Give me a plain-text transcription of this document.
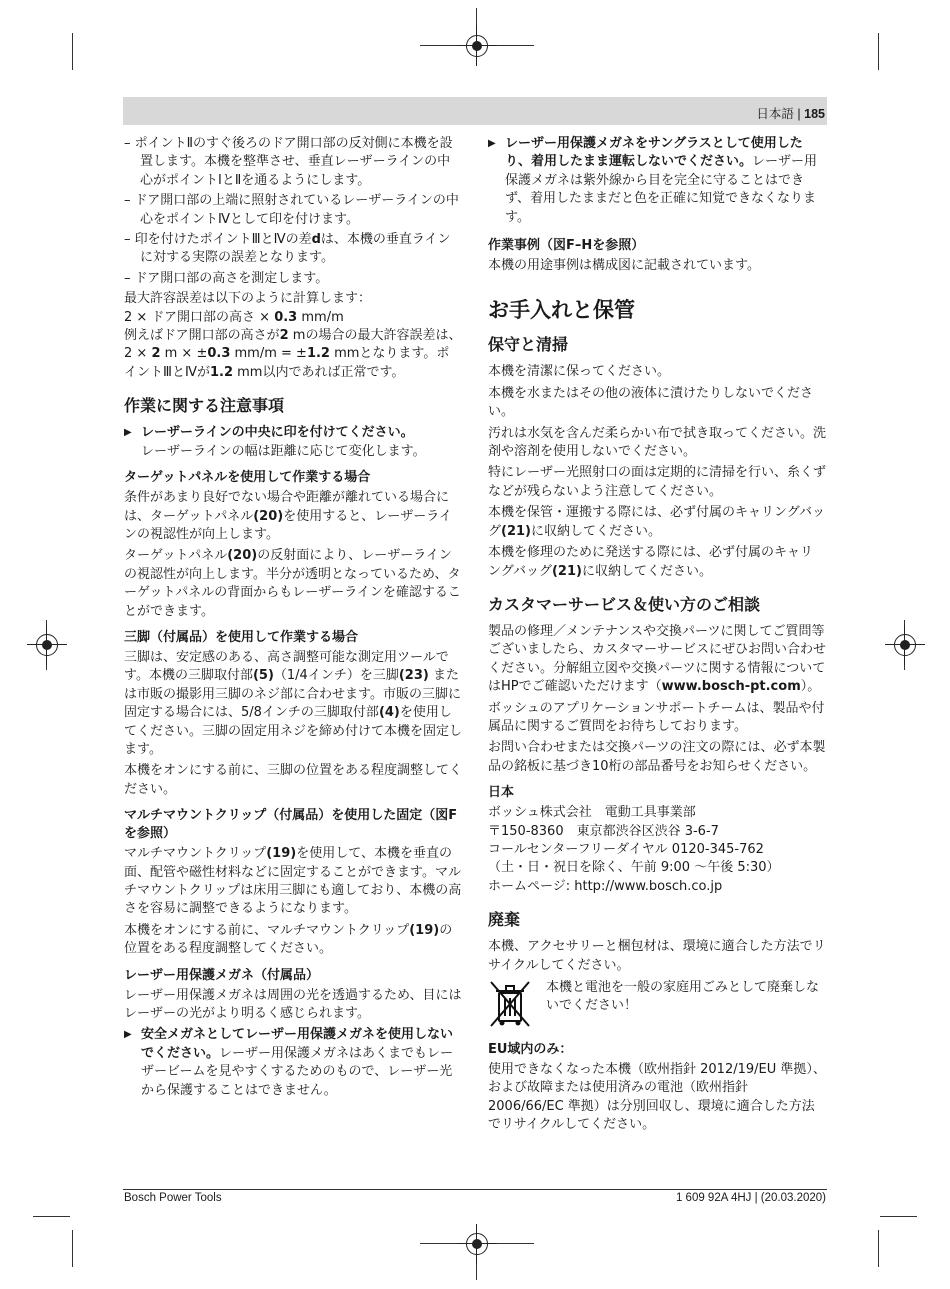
日本語 | 185

– ポイントⅡのすぐ後ろのドア開口部の反対側に本機を設置します。本機を整準させ、垂直レーザーラインの中心がポイントⅠとⅡを通るようにします。

– ドア開口部の上端に照射されているレーザーラインの中心をポイントⅣとして印を付けます。

– 印を付けたポイントⅢとⅣの差dは、本機の垂直ラインに対する実際の誤差となります。

– ドア開口部の高さを測定します。

最大許容誤差は以下のように計算します：

2 × ドア開口部の高さ × 0.3 mm/m

例えばドア開口部の高さが2 mの場合の最大許容誤差は、

2 × 2 m × ±0.3 mm/m = ±1.2 mmとなります。ポイントⅢとⅣが1.2 mm以内であれば正常です。

作業に関する注意事項
▶ レーザーラインの中央に印を付けてください。
レーザーラインの幅は距離に応じて変化します。
ターゲットパネルを使用して作業する場合

条件があまり良好でない場合や距離が離れている場合には、ターゲットパネル(20)を使用すると、レーザーラインの視認性が向上します。

ターゲットパネル(20)の反射面により、レーザーラインの視認性が向上します。半分が透明となっているため、ターゲットパネルの背面からもレーザーラインを確認することができます。

三脚（付属品）を使用して作業する場合

三脚は、安定感のある、高さ調整可能な測定用ツールです。本機の三脚取付部(5)（1/4インチ）を三脚(23) または市販の撮影用三脚のネジ部に合わせます。市販の三脚に固定する場合には、5/8インチの三脚取付部(4)を使用してください。三脚の固定用ネジを締め付けて本機を固定します。

本機をオンにする前に、三脚の位置をある程度調整してください。

マルチマウントクリップ（付属品）を使用した固定（図Fを参照）

マルチマウントクリップ(19)を使用して、本機を垂直の面、配管や磁性材料などに固定することができます。マルチマウントクリップは床用三脚にも適しており、本機の高さを容易に調整できるようになります。

本機をオンにする前に、マルチマウントクリップ(19)の位置をある程度調整してください。

レーザー用保護メガネ（付属品）

レーザー用保護メガネは周囲の光を透過するため、目にはレーザーの光がより明るく感じられます。

▶ 安全メガネとしてレーザー用保護メガネを使用しないでください。レーザー用保護メガネはあくまでもレーザービームを見やすくするためのもので、レーザー光から保護することはできません。
▶ レーザー用保護メガネをサングラスとして使用したり、着用したまま運転しないでください。レーザー用保護メガネは紫外線から目を完全に守ることはできず、着用したままだと色を正確に知覚できなくなります。
作業事例（図F–Hを参照）

本機の用途事例は構成図に記載されています。

お手入れと保管
保守と清掃

本機を清潔に保ってください。

本機を水またはその他の液体に漬けたりしないでください。

汚れは水気を含んだ柔らかい布で拭き取ってください。洗剤や溶剤を使用しないでください。

特にレーザー光照射口の面は定期的に清掃を行い、糸くずなどが残らないよう注意してください。

本機を保管・運搬する際には、必ず付属のキャリングバッグ(21)に収納してください。

本機を修理のために発送する際には、必ず付属のキャリングバッグ(21)に収納してください。

カスタマーサービス＆使い方のご相談

製品の修理／メンテナンスや交換パーツに関してご質問等ございましたら、カスタマーサービスにぜひお問い合わせください。分解組立図や交換パーツに関する情報についてはHPでご確認いただけます（www.bosch-pt.com）。

ボッシュのアプリケーションサポートチームは、製品や付属品に関するご質問をお待ちしております。

お問い合わせまたは交換パーツの注文の際には、必ず本製品の銘板に基づき10桁の部品番号をお知らせください。

日本

ボッシュ株式会社　電動工具事業部

〒150-8360　東京都渋谷区渋谷 3-6-7

コールセンターフリーダイヤル 0120-345-762

（土・日・祝日を除く、午前 9:00 〜午後 5:30）

ホームページ: http://www.bosch.co.jp

廃棄

本機、アクセサリーと梱包材は、環境に適合した方法でリサイクルしてください。

本機と電池を一般の家庭用ごみとして廃棄しないでください！
EU域内のみ：

使用できなくなった本機（欧州指針 2012/19/EU 準拠）、および故障または使用済みの電池（欧州指針 2006/66/EC 準拠）は分別回収し、環境に適合した方法でリサイクルしてください。

Bosch Power Tools	1 609 92A 4HJ | (20.03.2020)
